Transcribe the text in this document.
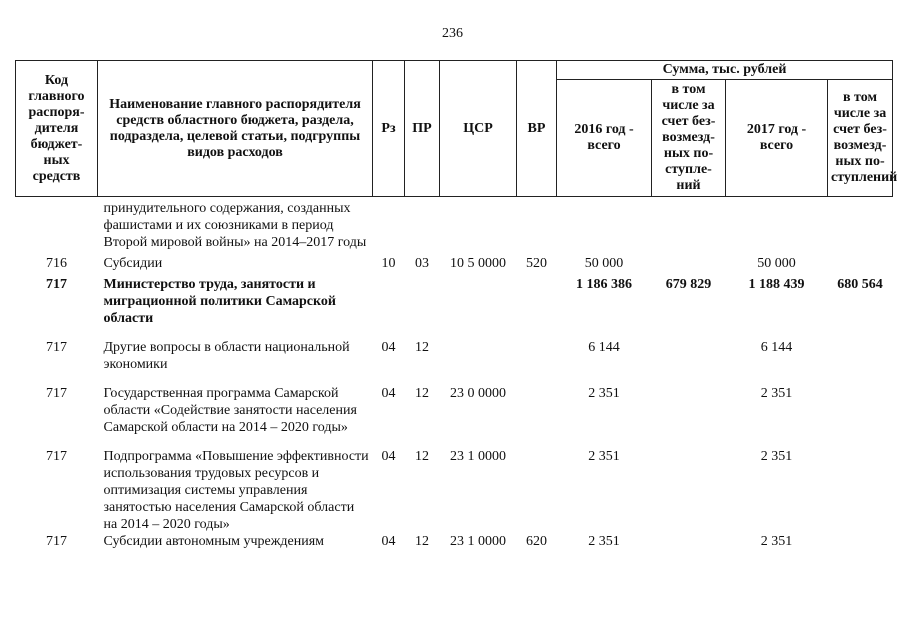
236
Код главного распоря-дителя бюджет-ных средств	Наименование главного распорядителя средств областного бюджета, раздела, подраздела, целевой статьи, подгруппы видов расходов	Рз	ПР	ЦСР	ВР	Сумма, тыс. рублей			
						2016 год - всего	в том числе за счет без-возмезд-ных по-ступле-ний	2017 год - всего	в том числе за счет без-возмезд-ных по-ступлений
	принудительного содержания, созданных фашистами и их союзниками в период Второй мировой войны» на 2014–2017 годы								
716	Субсидии	10	03	10 5 0000	520	50 000		50 000	
717	Министерство труда, занятости и миграционной политики Самарской области					1 186 386	679 829	1 188 439	680 564
717	Другие вопросы в области национальной экономики	04	12			6 144		6 144	
717	Государственная программа Самарской области «Содействие занятости населения Самарской области на 2014 – 2020 годы»	04	12	23 0 0000		2 351		2 351	
717	Подпрограмма «Повышение эффективности использования трудовых ресурсов и оптимизация системы управления занятостью населения Самарской области на 2014 – 2020 годы»	04	12	23 1 0000		2 351		2 351	
717	Субсидии автономным учреждениям	04	12	23 1 0000	620	2 351		2 351	
